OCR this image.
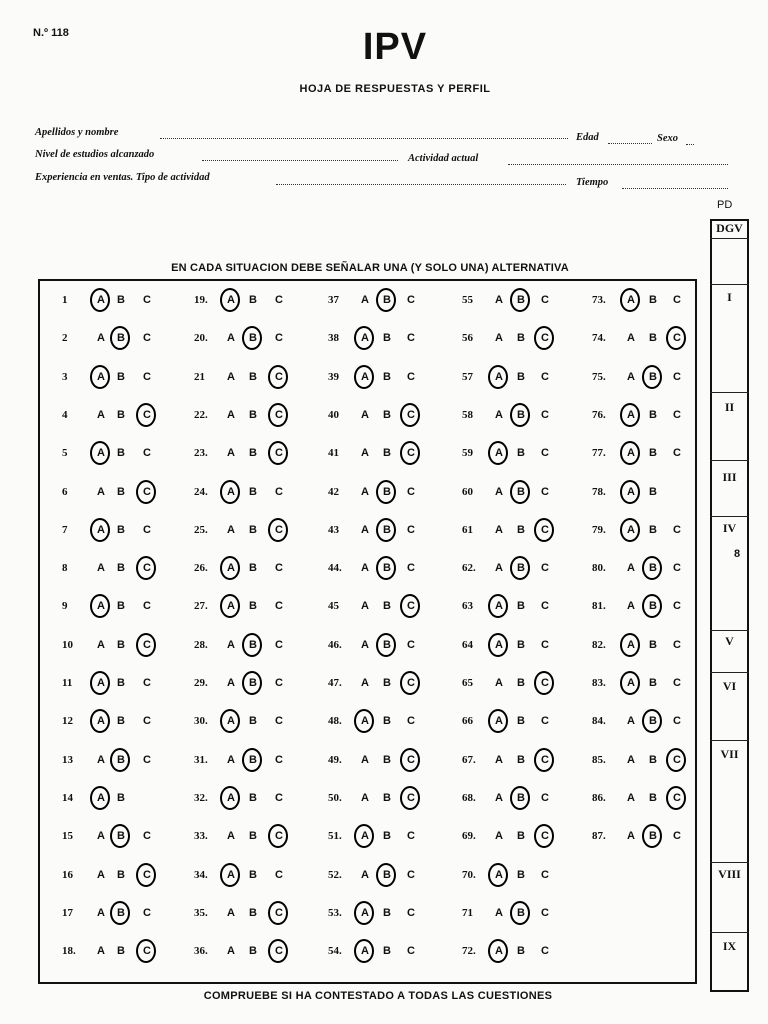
N.º 118	IPV
HOJA DE RESPUESTAS Y PERFIL
Apellidos y nombre	Edad	Sexo
Nivel de estudios alcanzado	Actividad actual
Experiencia en ventas. Tipo de actividad	Tiempo
EN CADA SITUACION DEBE SEÑALAR UNA (Y SOLO UNA) ALTERNATIVA
1	A B C
2	A B C
3	A B C
4	A B C
5	A B C
6	A B C
7	A B C
8	A B C
9	A B C
10 A B C
11 A B C
12 A B C
13 A B C
14 A B
15 A B C
16 A B C
17 A B C
18. A B C
19. A B C
20. A B C
21 A B C
22. A B C
23. A B C
24. A B C
25. A B C
26. A B C
27. A B C
28. A B C
29. A B C
30. A B C
31. A B C
32. A B C
33. A B C
34. A B C
35. A B C
36. A B C
37 A B C
38 A B C
39 A B C
40 A B C
41 A B C
42 A B C
43 A B C
44. A B C
45 A B C
46. A B C
47. A B C
48. A B C
49. A B C
50. A B C
51. A B C
52. A B C
53. A B C
54. A B C
55 A B C
56 A B C
57 A B C
58 A B C
59 A B C
60 A B C
61 A B C
62. A B C
63 A B C
64 A B C
65 A B C
66 A B C
67. A B C
68. A B C
69. A B C
70. A B C
71 A B C
72. A B C
73. A B C
74. A B C
75. A B C
76. A B C
77. A B C
78. A B
79. A B C
80. A B C
81. A B C
82. A B C
83. A B C
84. A B C
85. A B C
86. A B C
87. A B C
COMPRUEBE SI HA CONTESTADO A TODAS LAS CUESTIONES
PD
DGV
I
II
III
IV
V
VI
VII
VIII
IX
8
